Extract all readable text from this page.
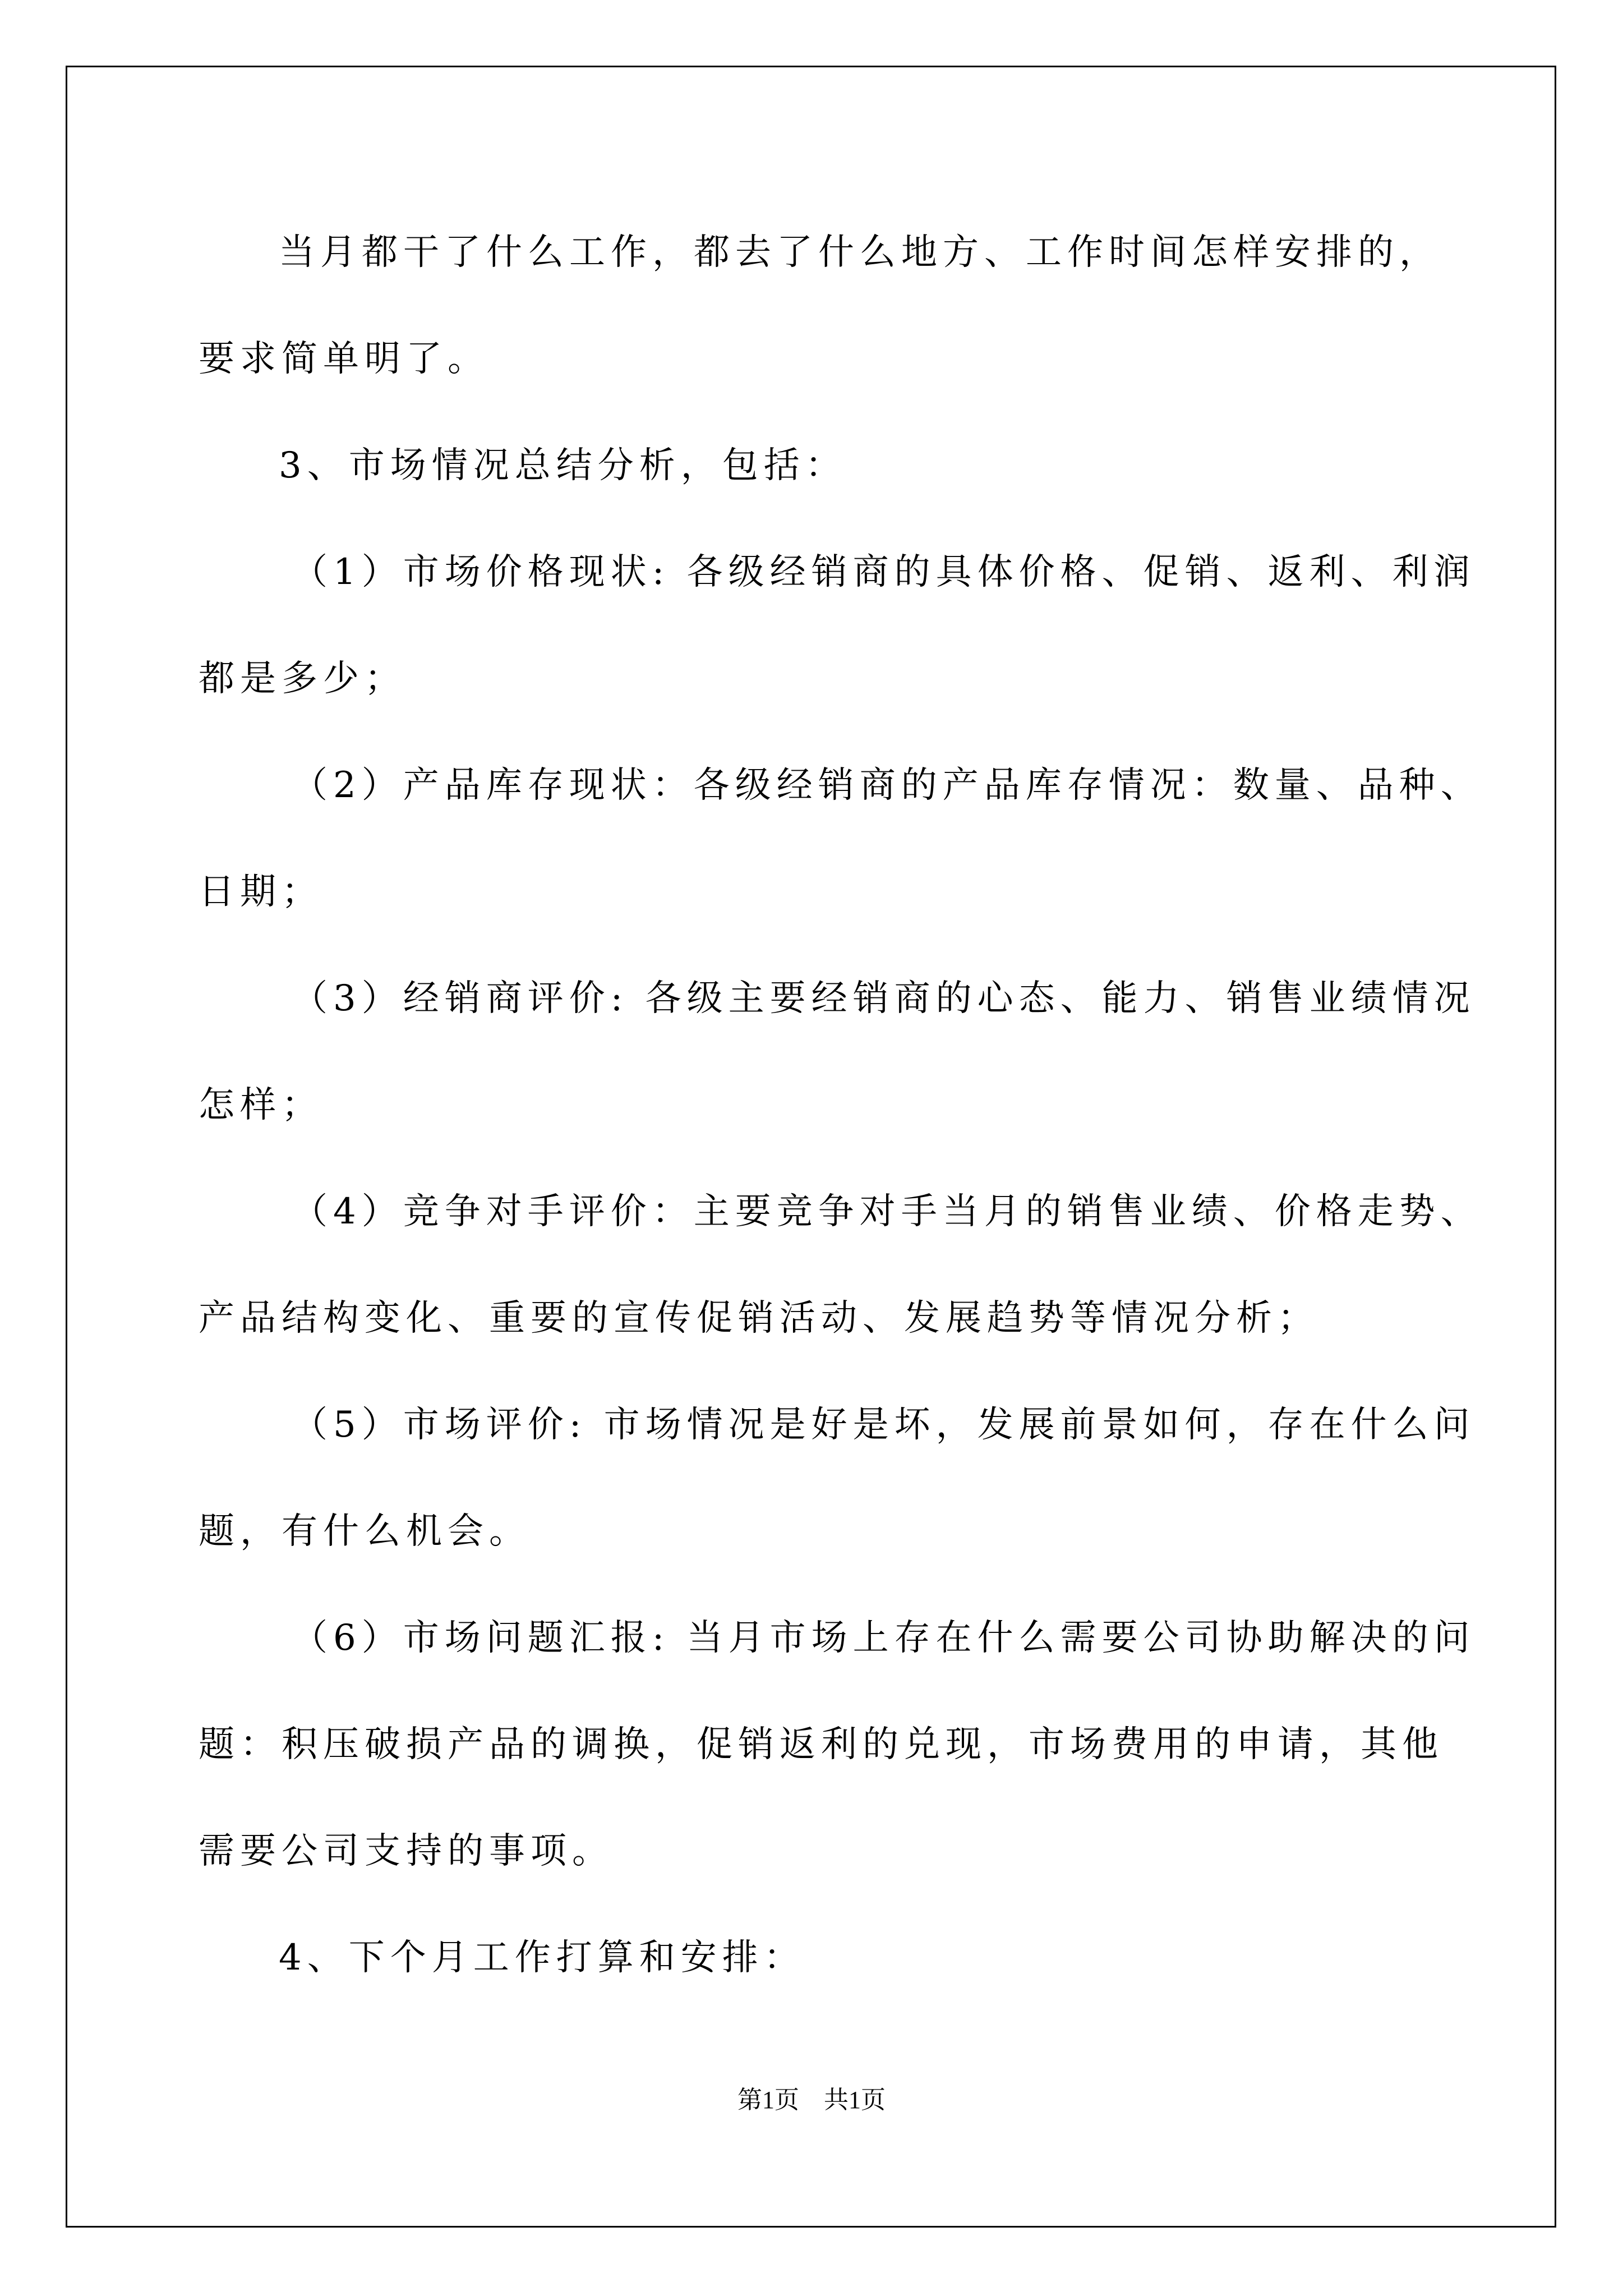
当月都干了什么工作，都去了什么地方、工作时间怎样安排的，
要求简单明了。
3、市场情况总结分析，包括：
（1）市场价格现状: 各级经销商的具体价格、促销、返利、利润
都是多少；
（2）产品库存现状：各级经销商的产品库存情况：数量、品种、
日期；
（3）经销商评价: 各级主要经销商的心态、能力、销售业绩情况
怎样；
（4）竞争对手评价：主要竞争对手当月的销售业绩、价格走势、
产品结构变化、重要的宣传促销活动、发展趋势等情况分析；
（5）市场评价: 市场情况是好是坏，发展前景如何，存在什么问
题，有什么机会。
（6）市场问题汇报: 当月市场上存在什么需要公司协助解决的问
题：积压破损产品的调换，促销返利的兑现，市场费用的申请，其他
需要公司支持的事项。
4、下个月工作打算和安排：
第1页　共1页
